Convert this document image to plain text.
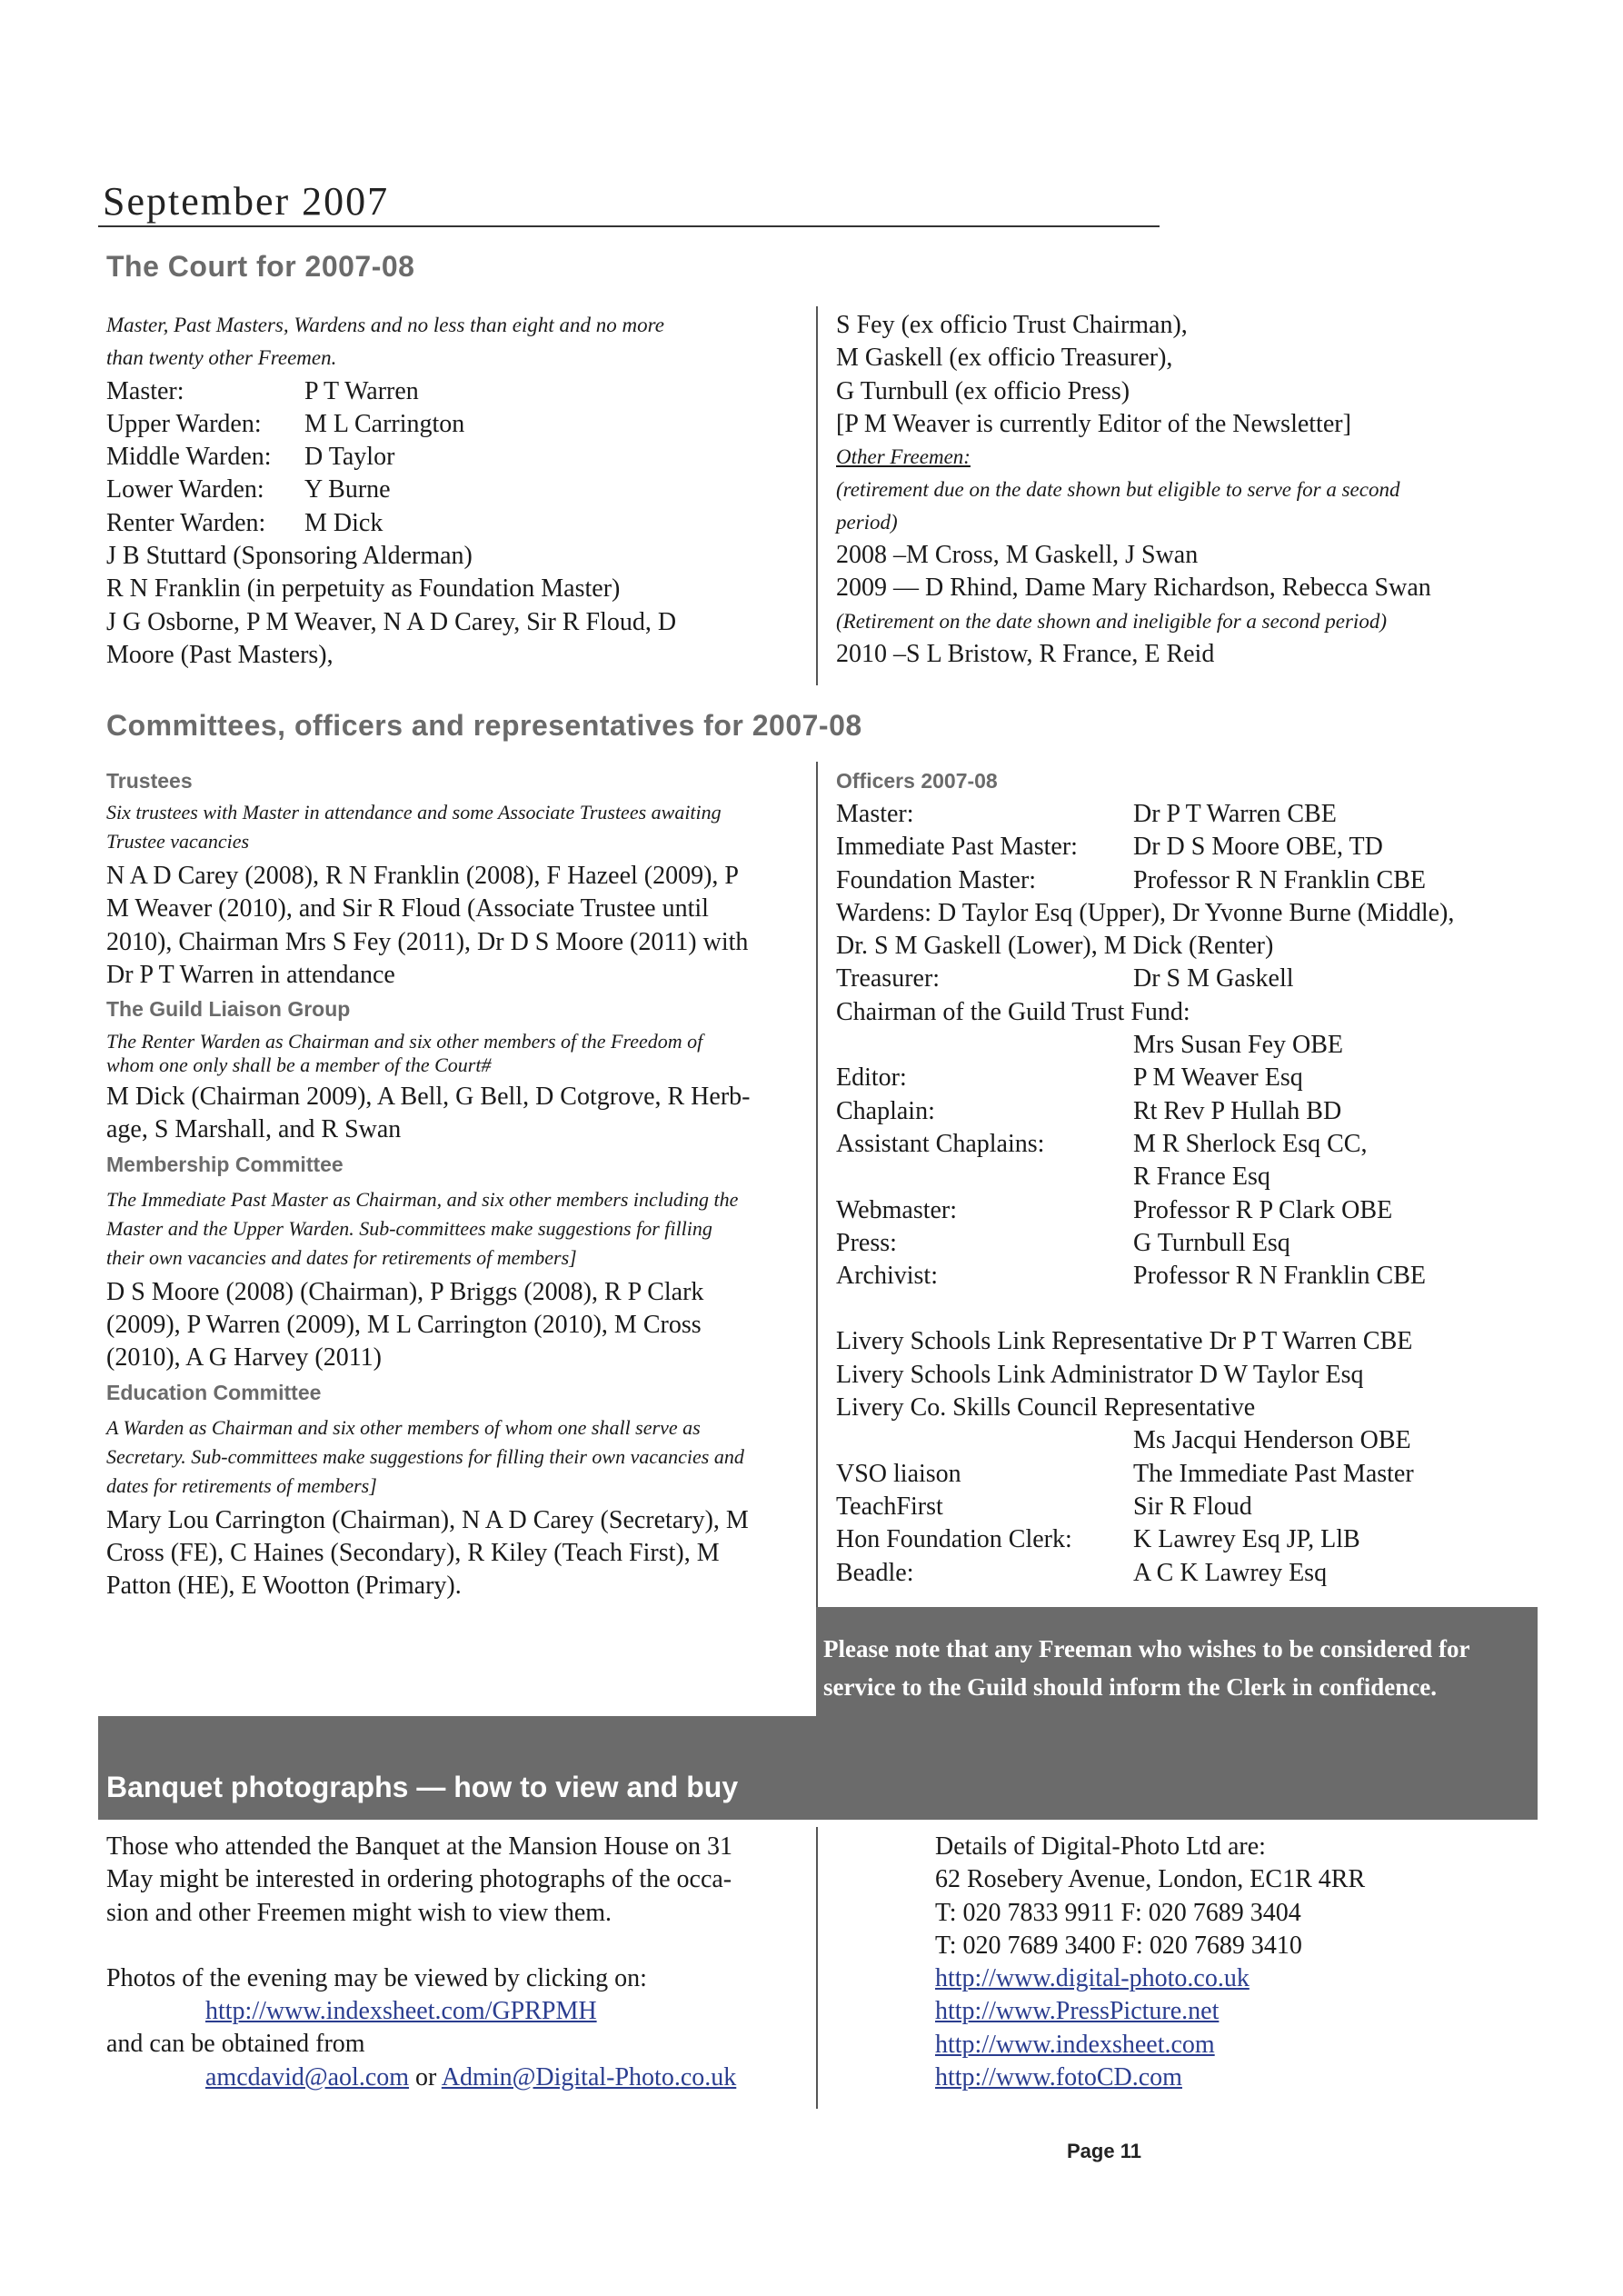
September 2007
The Court for 2007-08
Master, Past Masters, Wardens and no less than eight and no more
than twenty other Freemen.
Master:	P T Warren
Upper Warden:	M L Carrington
Middle Warden:	D Taylor
Lower Warden:	Y Burne
Renter Warden:	M Dick
J B Stuttard (Sponsoring Alderman)
R N Franklin (in perpetuity as Foundation Master)
J G Osborne, P M Weaver, N A D Carey, Sir R Floud, D
Moore (Past Masters),
S Fey (ex officio Trust Chairman),
M Gaskell (ex officio Treasurer),
G Turnbull (ex officio Press)
[P M Weaver is currently Editor of the Newsletter]
Other Freemen:
(retirement due on the date shown but eligible to serve for a second
period)
2008 –M Cross, M Gaskell, J Swan
2009 — D Rhind, Dame Mary Richardson, Rebecca Swan
(Retirement on the date shown and ineligible for a second period)
2010 –S L Bristow, R France, E Reid
Committees, officers and representatives for 2007-08
Trustees
Six trustees with Master in attendance and some Associate Trustees awaiting
Trustee vacancies
N A D Carey (2008), R N Franklin (2008), F Hazeel (2009), P
M Weaver (2010), and Sir R Floud (Associate Trustee until
2010), Chairman Mrs S Fey (2011), Dr D S Moore (2011) with
Dr P T Warren in attendance
The Guild Liaison Group
The Renter Warden as Chairman and six other members of the Freedom of
whom one only shall be a member of the Court#
M Dick (Chairman 2009), A Bell, G Bell, D Cotgrove, R Herb-
age, S Marshall, and R Swan
Membership Committee
The Immediate Past Master as Chairman, and six other members including the
Master and the Upper Warden. Sub-committees make suggestions for filling
their own vacancies and dates for retirements of members]
D S Moore (2008) (Chairman), P Briggs (2008), R P Clark
(2009), P Warren (2009), M L Carrington (2010), M Cross
(2010), A G Harvey (2011)
Education Committee
A Warden as Chairman and six other members of whom one shall serve as
Secretary. Sub-committees make suggestions for filling their own vacancies and
dates for retirements of members]
Mary Lou Carrington (Chairman), N A D Carey (Secretary), M
Cross (FE), C Haines (Secondary), R Kiley (Teach First), M
Patton (HE), E Wootton (Primary).
Officers 2007-08
Master:	Dr P T Warren CBE
Immediate Past Master:	Dr D S Moore OBE, TD
Foundation Master:	Professor R N Franklin CBE
Wardens: D Taylor Esq (Upper), Dr Yvonne Burne (Middle),
Dr. S M Gaskell (Lower), M Dick (Renter)
Treasurer:	Dr S M Gaskell
Chairman of the Guild Trust Fund:
Mrs Susan Fey OBE
Editor:	P M Weaver Esq
Chaplain:	Rt Rev P Hullah BD
Assistant Chaplains:	M R Sherlock Esq CC,
R France Esq
Webmaster:	Professor R P Clark OBE
Press:	G Turnbull Esq
Archivist:	Professor R N Franklin CBE
Livery Schools Link Representative Dr P T Warren CBE
Livery Schools Link Administrator D W Taylor Esq
Livery Co. Skills Council Representative
Ms Jacqui Henderson OBE
VSO liaison	The Immediate Past Master
TeachFirst	Sir R Floud
Hon Foundation Clerk:	K Lawrey Esq JP, LlB
Beadle:	A C K Lawrey Esq
Please note that any Freeman who wishes to be considered for service to the Guild should inform the Clerk in confidence.
Banquet photographs — how to view and buy
Those who attended the Banquet at the Mansion House on 31
May might be interested in ordering photographs of the occa-
sion and other Freemen might wish to view them.
Photos of the evening may be viewed by clicking on:
http://www.indexsheet.com/GPRPMH
and can be obtained from
amcdavid@aol.com or Admin@Digital-Photo.co.uk
Details of Digital-Photo Ltd are:
62 Rosebery Avenue, London, EC1R 4RR
T: 020 7833 9911 F: 020 7689 3404
T: 020 7689 3400 F: 020 7689 3410
http://www.digital-photo.co.uk
http://www.PressPicture.net
http://www.indexsheet.com
http://www.fotoCD.com
Page 11
